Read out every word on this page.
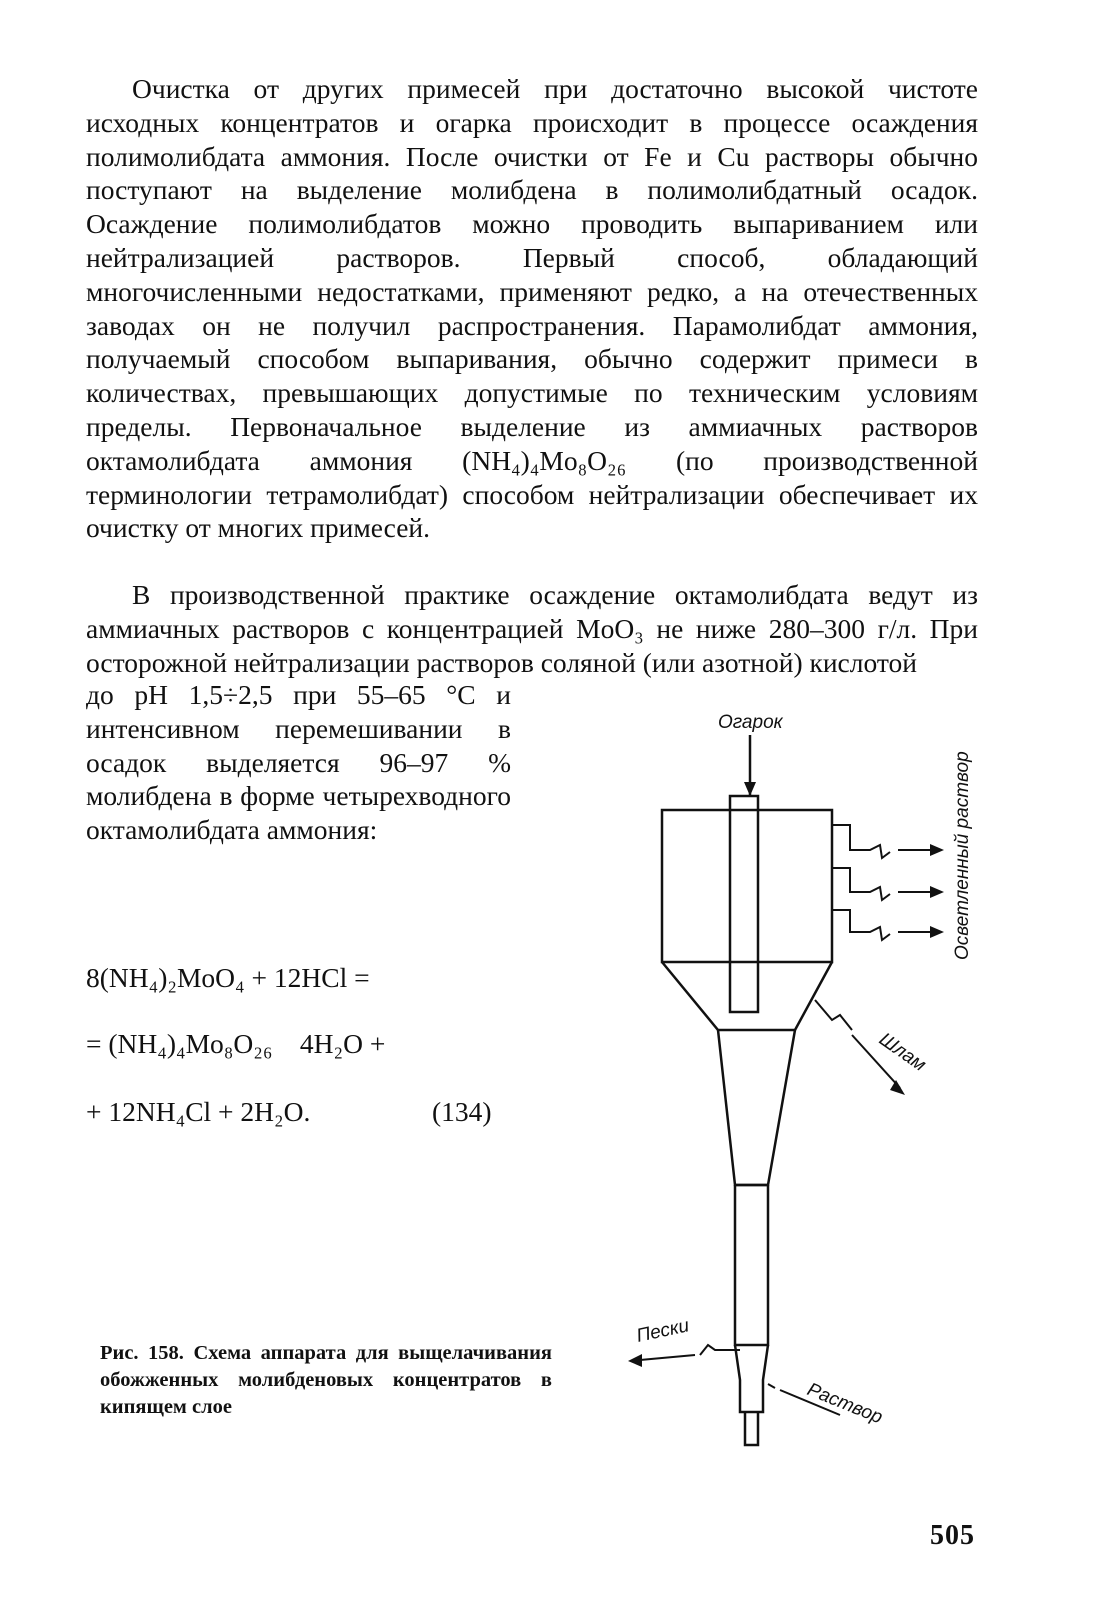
Очистка от других примесей при достаточно высокой чистоте исходных концентратов и огарка происходит в процессе осаждения полимолибдата аммония. После очистки от Fe и Cu растворы обычно поступают на выделение молибдена в полимолибдатный осадок. Осаждение полимолибдатов можно проводить выпариванием или нейтрализацией растворов. Первый способ, обладающий многочисленными недостатками, применяют редко, а на отечественных заводах он не получил распространения. Парамолибдат аммония, получаемый способом выпаривания, обычно содержит примеси в количествах, превышающих допустимые по техническим условиям пределы. Первоначальное выделение из аммиачных растворов октамолибдата аммония (NH₄)₄Mo₈O₂₆ (по производственной терминологии тетрамолибдат) способом нейтрализации обеспечивает их очистку от многих примесей.

В производственной практике осаждение октамолибдата ведут из аммиачных растворов с концентрацией MoO₃ не ниже 280–300 г/л. При осторожной нейтрализации растворов соляной (или азотной) кислотой

до pH 1,5÷2,5 при 55–65 °C и интенсивном перемешивании в осадок выделяется 96–97 % молибдена в форме четырехводного октамолибдата аммония:

8(NH₄)₂MoO₄ + 12HCl =
= (NH₄)₄Mo₈O₂₆    4H₂O +
+ 12NH₄Cl + 2H₂O.	(134)
Огарок
Осветленный раствор
Шлам
Пески
Раствор

Рис. 158. Схема аппарата для выщелачивания обожженных молибденовых концентратов в кипящем слое

505
